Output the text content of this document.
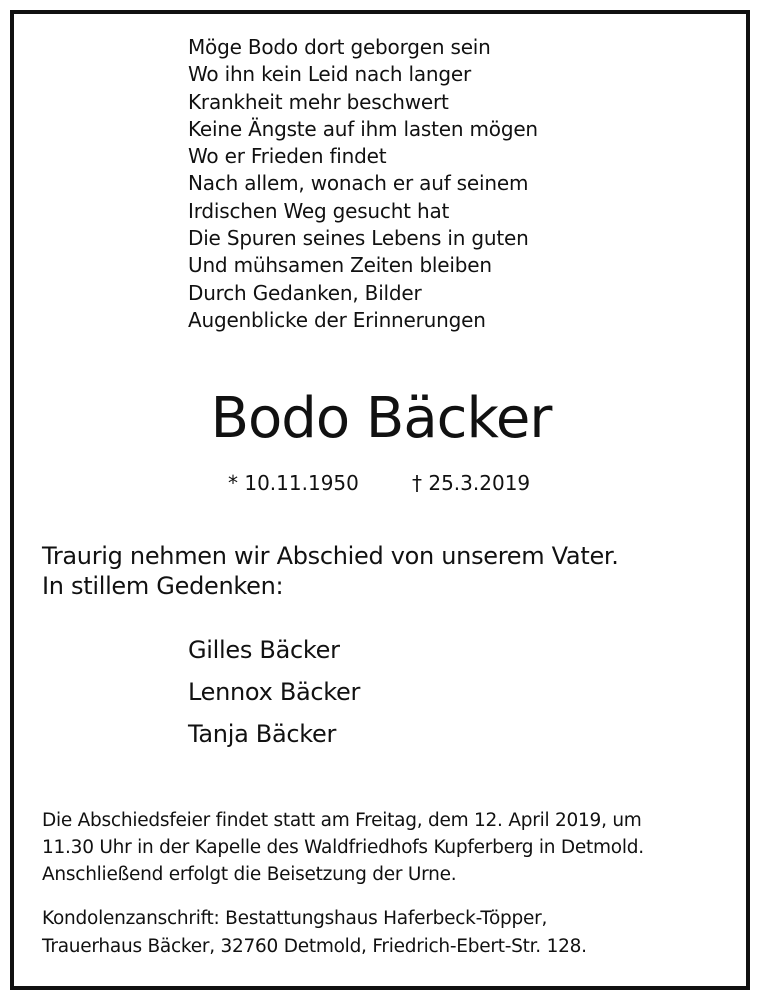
Möge Bodo dort geborgen sein
Wo ihn kein Leid nach langer
Krankheit mehr beschwert
Keine Ängste auf ihm lasten mögen
Wo er Frieden findet
Nach allem, wonach er auf seinem
Irdischen Weg gesucht hat
Die Spuren seines Lebens in guten
Und mühsamen Zeiten bleiben
Durch Gedanken, Bilder
Augenblicke der Erinnerungen
Bodo Bäcker
* 10.11.1950	† 25.3.2019
Traurig nehmen wir Abschied von unserem Vater.
In stillem Gedenken:
Gilles Bäcker
Lennox Bäcker
Tanja Bäcker
Die Abschiedsfeier findet statt am Freitag, dem 12. April 2019, um
11.30 Uhr in der Kapelle des Waldfriedhofs Kupferberg in Detmold.
Anschließend erfolgt die Beisetzung der Urne.
Kondolenzanschrift: Bestattungshaus Haferbeck-Töpper,
Trauerhaus Bäcker, 32760 Detmold, Friedrich-Ebert-Str. 128.
